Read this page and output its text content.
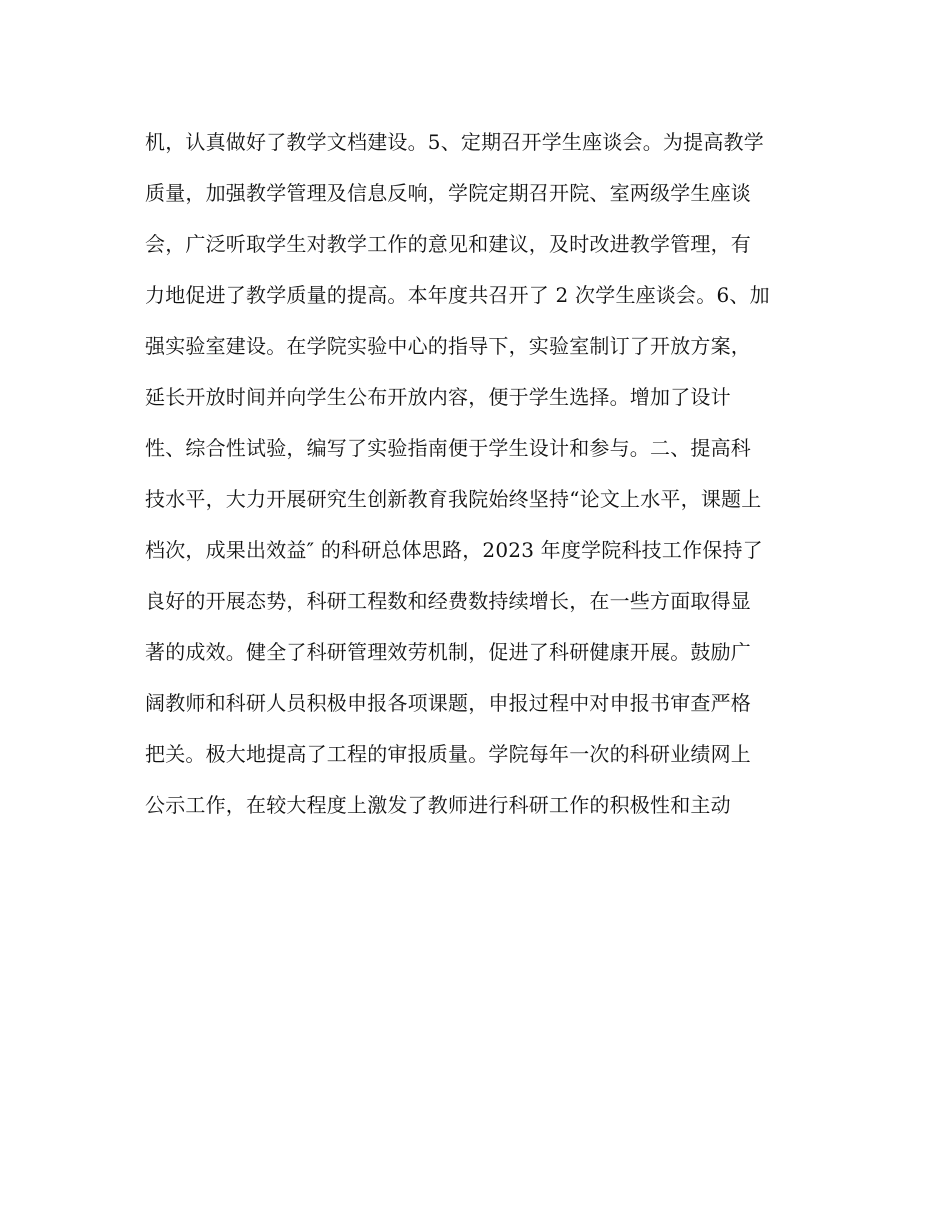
机，认真做好了教学文档建设。5、定期召开学生座谈会。为提高教学
质量，加强教学管理及信息反响，学院定期召开院、室两级学生座谈
会，广泛听取学生对教学工作的意见和建议，及时改进教学管理，有
力地促进了教学质量的提高。本年度共召开了 2 次学生座谈会。6、加
强实验室建设。在学院实验中心的指导下，实验室制订了开放方案，
延长开放时间并向学生公布开放内容，便于学生选择。增加了设计
性、综合性试验，编写了实验指南便于学生设计和参与。二、提高科
技水平，大力开展研究生创新教育我院始终坚持“论文上水平，课题上
档次，成果出效益″ 的科研总体思路，2023 年度学院科技工作保持了
良好的开展态势，科研工程数和经费数持续增长，在一些方面取得显
著的成效。健全了科研管理效劳机制，促进了科研健康开展。鼓励广
阔教师和科研人员积极申报各项课题，申报过程中对申报书审查严格
把关。极大地提高了工程的审报质量。学院每年一次的科研业绩网上
公示工作，在较大程度上激发了教师进行科研工作的积极性和主动
